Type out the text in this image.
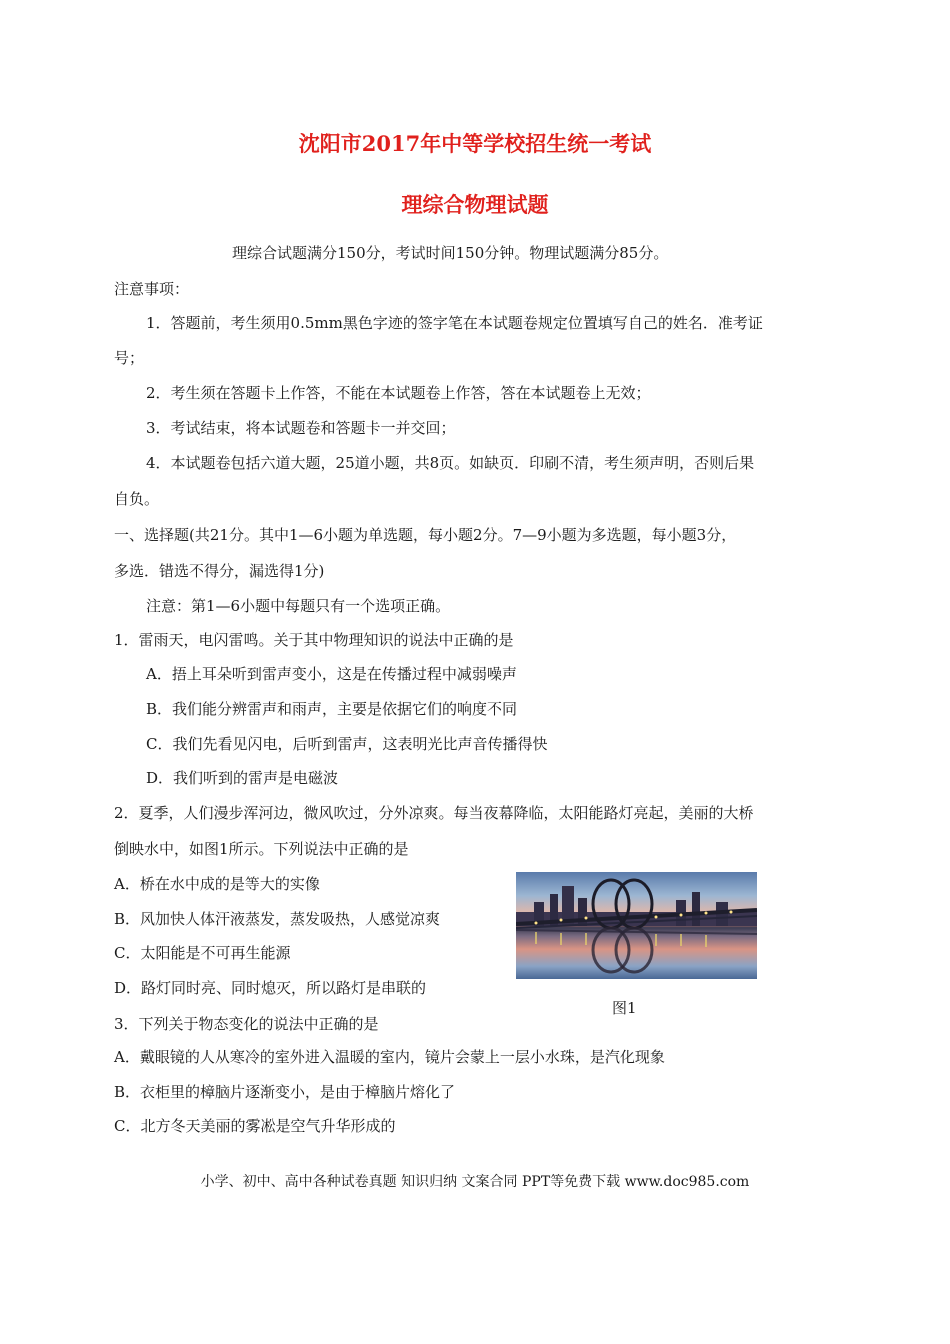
沈阳市2017年中等学校招生统一考试
理综合物理试题
理综合试题满分150分，考试时间150分钟。物理试题满分85分。
注意事项：
1．答题前，考生须用0.5mm黑色字迹的签字笔在本试题卷规定位置填写自己的姓名．准考证
号；
2．考生须在答题卡上作答，不能在本试题卷上作答，答在本试题卷上无效；
3．考试结束，将本试题卷和答题卡一并交回；
4．本试题卷包括六道大题，25道小题，共8页。如缺页．印刷不清，考生须声明，否则后果
自负。
一、选择题(共21分。其中1—6小题为单选题，每小题2分。7—9小题为多选题，每小题3分，
多选．错选不得分，漏选得1分)
注意：第1—6小题中每题只有一个选项正确。
1．雷雨天，电闪雷鸣。关于其中物理知识的说法中正确的是
A．捂上耳朵听到雷声变小，这是在传播过程中减弱噪声
B．我们能分辨雷声和雨声，主要是依据它们的响度不同
C．我们先看见闪电，后听到雷声，这表明光比声音传播得快
D．我们听到的雷声是电磁波
2．夏季，人们漫步浑河边，微风吹过，分外凉爽。每当夜幕降临，太阳能路灯亮起，美丽的大桥
倒映水中，如图1所示。下列说法中正确的是
A．桥在水中成的是等大的实像
B．风加快人体汗液蒸发，蒸发吸热，人感觉凉爽
C．太阳能是不可再生能源
D．路灯同时亮、同时熄灭，所以路灯是串联的
图1
3．下列关于物态变化的说法中正确的是
A．戴眼镜的人从寒冷的室外进入温暖的室内，镜片会蒙上一层小水珠，是汽化现象
B．衣柜里的樟脑片逐渐变小，是由于樟脑片熔化了
C．北方冬天美丽的雾凇是空气升华形成的
小学、初中、高中各种试卷真题 知识归纳 文案合同 PPT等免费下载 www.doc985.com
